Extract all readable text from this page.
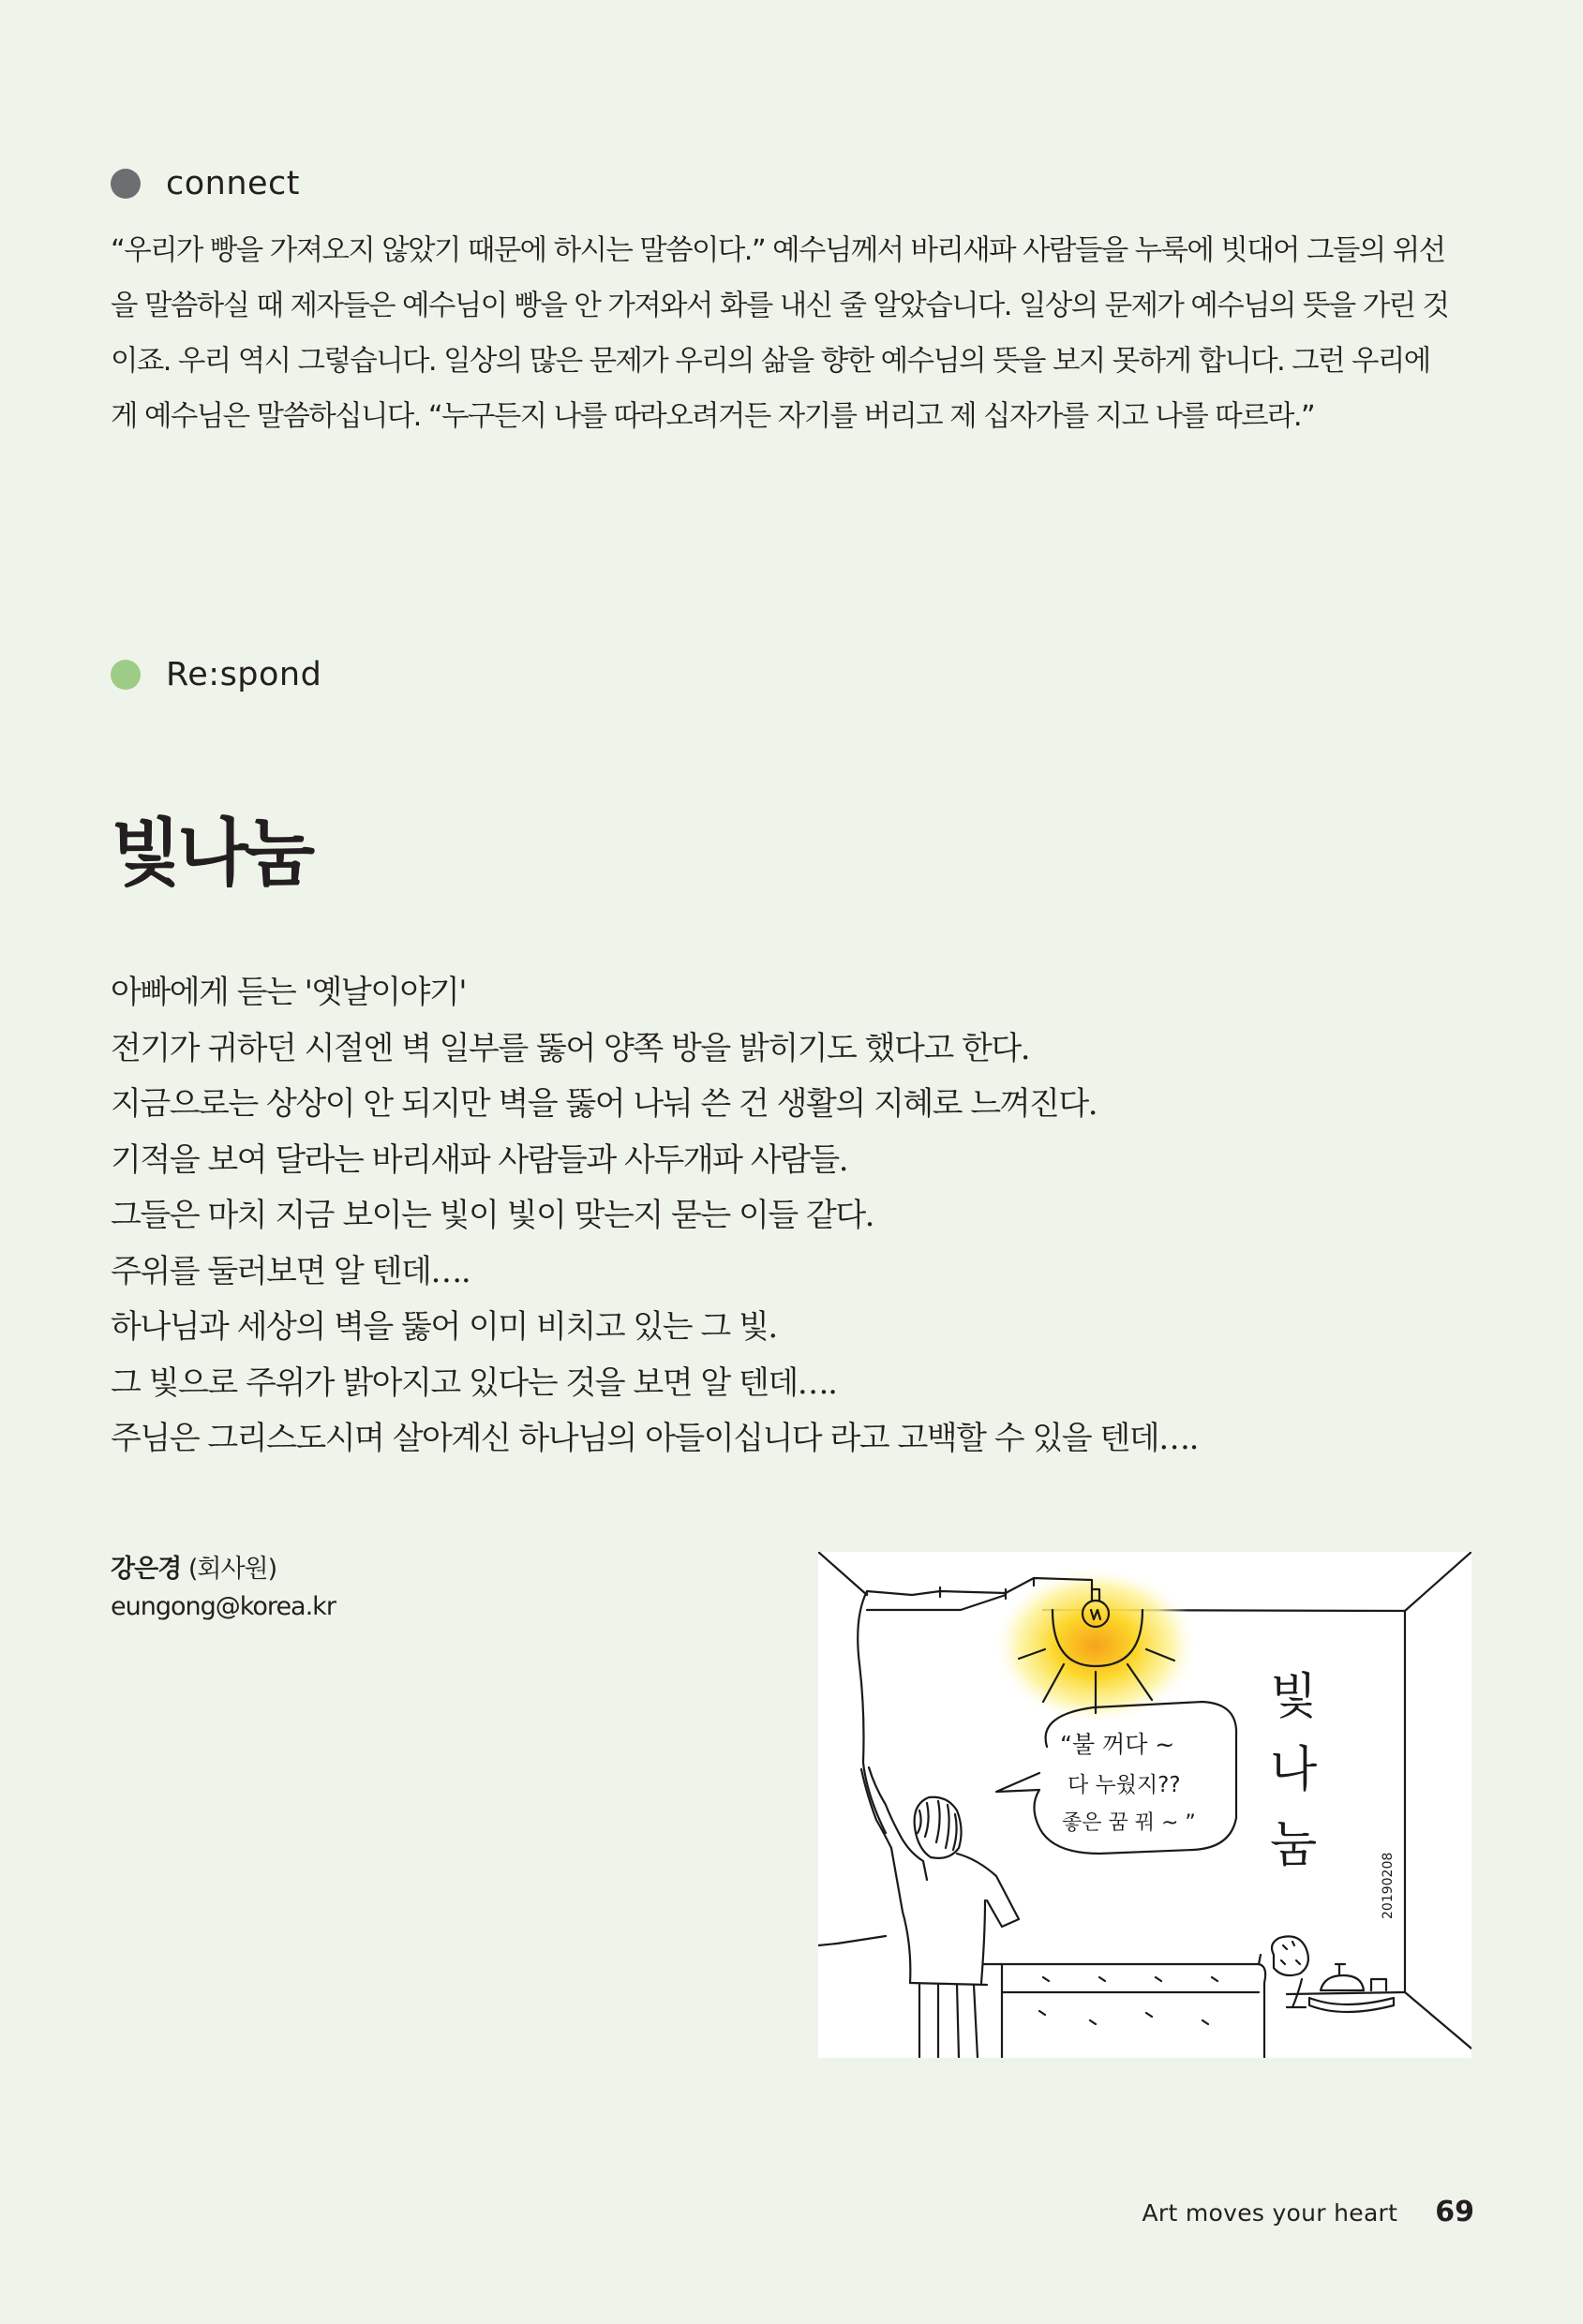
connect

“우리가 빵을 가져오지 않았기 때문에 하시는 말씀이다.” 예수님께서 바리새파 사람들을 누룩에 빗대어 그들의 위선

을 말씀하실 때 제자들은 예수님이 빵을 안 가져와서 화를 내신 줄 알았습니다. 일상의 문제가 예수님의 뜻을 가린 것

이죠. 우리 역시 그렇습니다. 일상의 많은 문제가 우리의 삶을 향한 예수님의 뜻을 보지 못하게 합니다. 그런 우리에

게 예수님은 말씀하십니다. “누구든지 나를 따라오려거든 자기를 버리고 제 십자가를 지고 나를 따르라.”

Re:spond
빛나눔

아빠에게 듣는 '옛날이야기'

전기가 귀하던 시절엔 벽 일부를 뚫어 양쪽 방을 밝히기도 했다고 한다.

지금으로는 상상이 안 되지만 벽을 뚫어 나눠 쓴 건 생활의 지혜로 느껴진다.

기적을 보여 달라는 바리새파 사람들과 사두개파 사람들.

그들은 마치 지금 보이는 빛이 빛이 맞는지 묻는 이들 같다.

주위를 둘러보면 알 텐데….

하나님과 세상의 벽을 뚫어 이미 비치고 있는 그 빛.

그 빛으로 주위가 밝아지고 있다는 것을 보면 알 텐데….

주님은 그리스도시며 살아계신 하나님의 아들이십니다 라고 고백할 수 있을 텐데….

강은경 (회사원)
eungong@korea.kr
“불 꺼다 ~
다 누웠지??
좋은 꿈 꿔 ~ ”
빛
나
눔
20190208
Art moves your heart 69
